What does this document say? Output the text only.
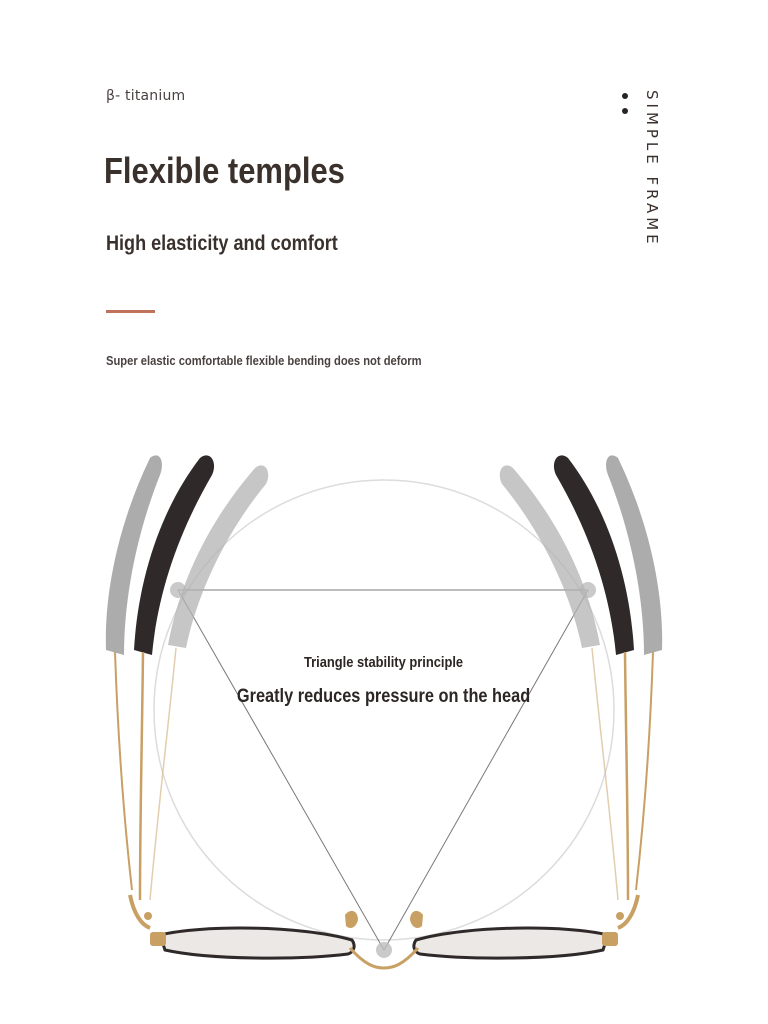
β- titanium
Flexible temples
High elasticity and comfort
Super elastic comfortable flexible bending does not deform
SIMPLE FRAME
Triangle stability principle
Greatly reduces pressure on the head
